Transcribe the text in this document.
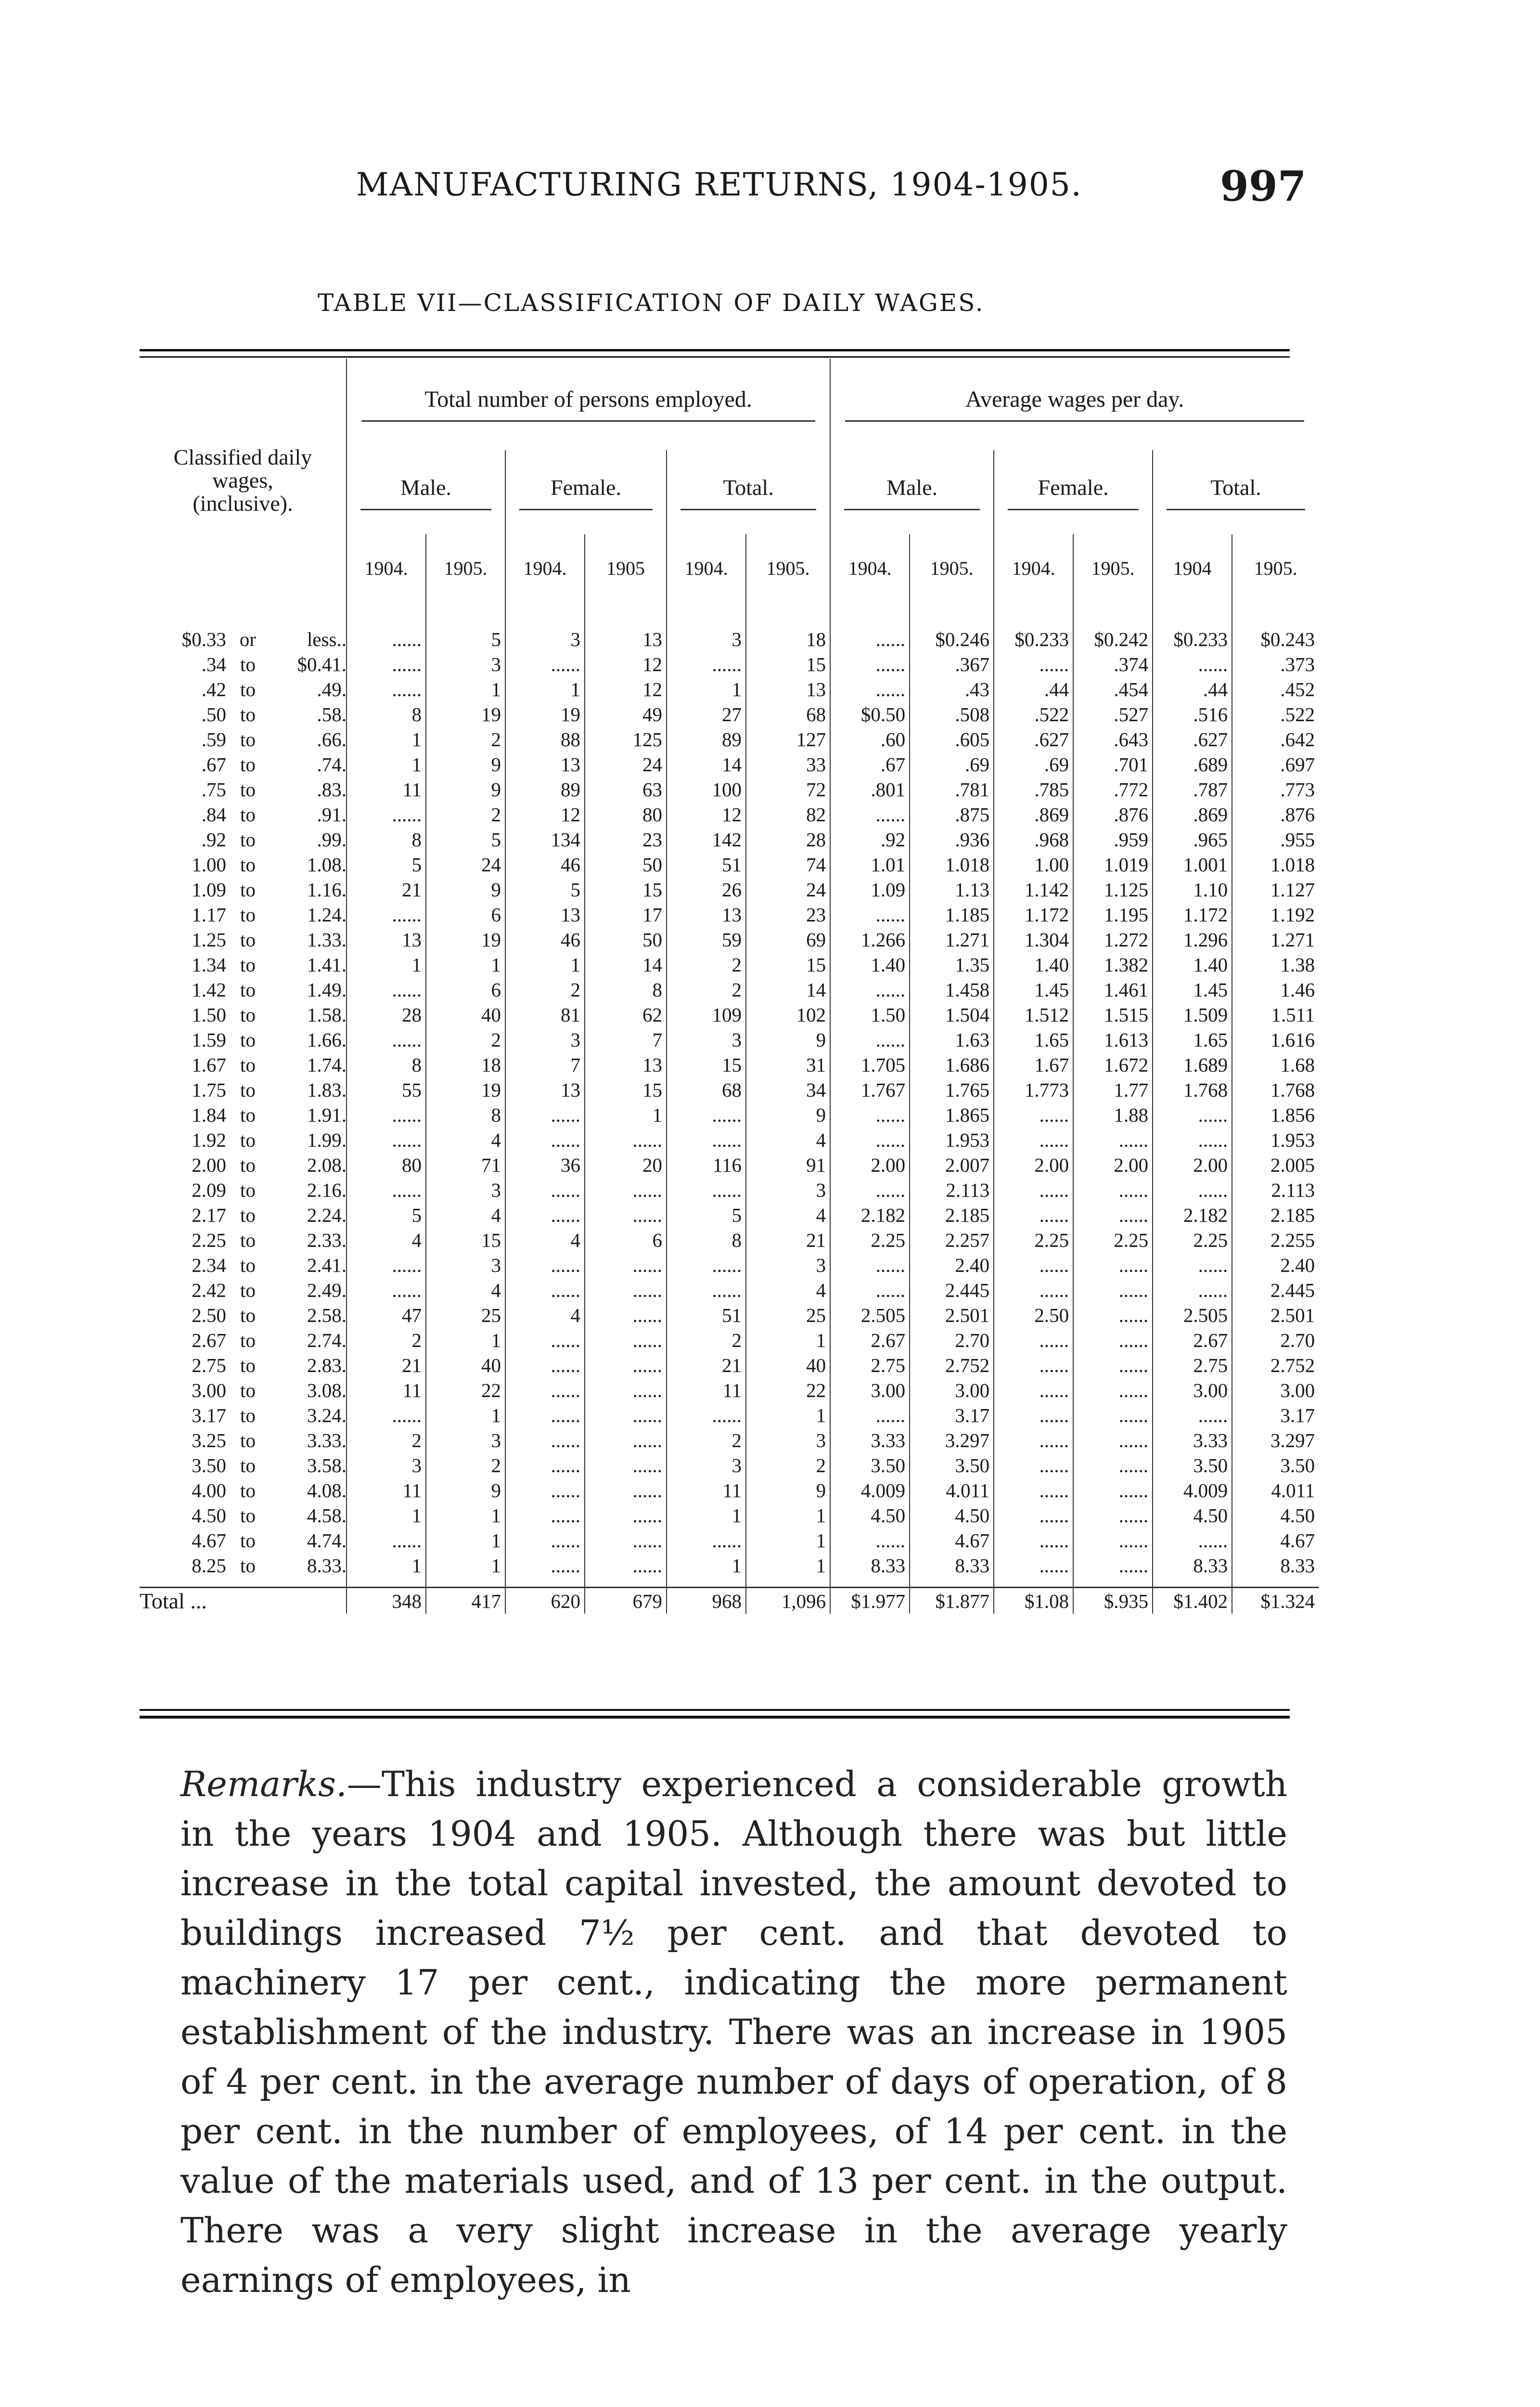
MANUFACTURING RETURNS, 1904-1905.	997
TABLE VII—CLASSIFICATION OF DAILY WAGES.
Classified daily wages, (inclusive).	Total number of persons employed.						Average wages per day.					

	Male.		Female.		Total.		Male.		Female.		Total.	

	1904.	1905.	1904.	1905	1904.	1905.	1904.	1905.	1904.	1905.	1904	1905.

$0.33 or less..	......	5	3	13	3	18	......	$0.246	$0.233	$0.242	$0.233	$0.243
.34 to $0.41.	......	3	......	12	......	15	......	.367	......	.374	......	.373
.42 to .49.	......	1	1	12	1	13	......	.43	.44	.454	.44	.452
.50 to .58.	8	19	19	49	27	68	$0.50	.508	.522	.527	.516	.522
.59 to .66.	1	2	88	125	89	127	.60	.605	.627	.643	.627	.642
.67 to .74.	1	9	13	24	14	33	.67	.69	.69	.701	.689	.697
.75 to .83.	11	9	89	63	100	72	.801	.781	.785	.772	.787	.773
.84 to .91.	......	2	12	80	12	82	......	.875	.869	.876	.869	.876
.92 to .99.	8	5	134	23	142	28	.92	.936	.968	.959	.965	.955
1.00 to 1.08.	5	24	46	50	51	74	1.01	1.018	1.00	1.019	1.001	1.018
1.09 to 1.16.	21	9	5	15	26	24	1.09	1.13	1.142	1.125	1.10	1.127
1.17 to 1.24.	......	6	13	17	13	23	......	1.185	1.172	1.195	1.172	1.192
1.25 to 1.33.	13	19	46	50	59	69	1.266	1.271	1.304	1.272	1.296	1.271
1.34 to 1.41.	1	1	1	14	2	15	1.40	1.35	1.40	1.382	1.40	1.38
1.42 to 1.49.	......	6	2	8	2	14	......	1.458	1.45	1.461	1.45	1.46
1.50 to 1.58.	28	40	81	62	109	102	1.50	1.504	1.512	1.515	1.509	1.511
1.59 to 1.66.	......	2	3	7	3	9	......	1.63	1.65	1.613	1.65	1.616
1.67 to 1.74.	8	18	7	13	15	31	1.705	1.686	1.67	1.672	1.689	1.68
1.75 to 1.83.	55	19	13	15	68	34	1.767	1.765	1.773	1.77	1.768	1.768
1.84 to 1.91.	......	8	......	1	......	9	......	1.865	......	1.88	......	1.856
1.92 to 1.99.	......	4	......	......	......	4	......	1.953	......	......	......	1.953
2.00 to 2.08.	80	71	36	20	116	91	2.00	2.007	2.00	2.00	2.00	2.005
2.09 to 2.16.	......	3	......	......	......	3	......	2.113	......	......	......	2.113
2.17 to 2.24.	5	4	......	......	5	4	2.182	2.185	......	......	2.182	2.185
2.25 to 2.33.	4	15	4	6	8	21	2.25	2.257	2.25	2.25	2.25	2.255
2.34 to 2.41.	......	3	......	......	......	3	......	2.40	......	......	......	2.40
2.42 to 2.49.	......	4	......	......	......	4	......	2.445	......	......	......	2.445
2.50 to 2.58.	47	25	4	......	51	25	2.505	2.501	2.50	......	2.505	2.501
2.67 to 2.74.	2	1	......	......	2	1	2.67	2.70	......	......	2.67	2.70
2.75 to 2.83.	21	40	......	......	21	40	2.75	2.752	......	......	2.75	2.752
3.00 to 3.08.	11	22	......	......	11	22	3.00	3.00	......	......	3.00	3.00
3.17 to 3.24.	......	1	......	......	......	1	......	3.17	......	......	......	3.17
3.25 to 3.33.	2	3	......	......	2	3	3.33	3.297	......	......	3.33	3.297
3.50 to 3.58.	3	2	......	......	3	2	3.50	3.50	......	......	3.50	3.50
4.00 to 4.08.	11	9	......	......	11	9	4.009	4.011	......	......	4.009	4.011
4.50 to 4.58.	1	1	......	......	1	1	4.50	4.50	......	......	4.50	4.50
4.67 to 4.74.	......	1	......	......	......	1	......	4.67	......	......	......	4.67
8.25 to 8.33.	1	1	......	......	1	1	8.33	8.33	......	......	8.33	8.33

Total ...	348	417	620	679	968	1,096	$1.977	$1.877	$1.08	$.935	$1.402	$1.324

Remarks.—This industry experienced a considerable growth in the years 1904 and 1905. Although there was but little increase in the total capital invested, the amount devoted to buildings increased 7½ per cent. and that devoted to machinery 17 per cent., indicating the more permanent establishment of the industry. There was an increase in 1905 of 4 per cent. in the average number of days of operation, of 8 per cent. in the number of employees, of 14 per cent. in the value of the materials used, and of 13 per cent. in the output. There was a very slight increase in the average yearly earnings of employees, in
